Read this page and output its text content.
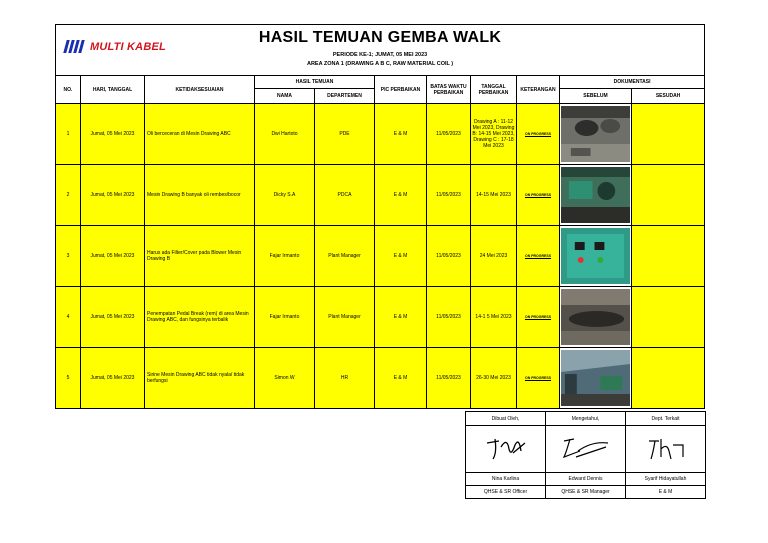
MULTI KABEL
HASIL TEMUAN GEMBA WALK
PERIODE KE-1; JUMAT, 05 MEI 2023
AREA ZONA 1 (DRAWING A B C, RAW MATERIAL COIL )										

NO.	HARI, TANGGAL	KETIDAKSESUAIAN	HASIL TEMUAN		PIC PERBAIKAN	BATAS WAKTU PERBAIKAN	TANGGAL PERBAIKAN	KETERANGAN	DOKUMENTASI	
			NAMA	DEPARTEMEN					SEBELUM	SESUDAH
1	Jumat, 05 Mei 2023	Oli berceceran di Mesin Drawing ABC	Dwi Hartoto	PDE	E & M	11/05/2023	Drawing A : 11-12 Mei 2023, Drawing B: 14-15 Mei 2023, Drawing C : 17-18 Mei 2023	ON PROGRESS	

2	Jumat, 05 Mei 2023	Mesin Drawing B banyak oli rembes/bocor	Dicky S.A	PDCA	E & M	11/05/2023	14-15 Mei 2023	ON PROGRESS	

3	Jumat, 05 Mei 2023	Harus ada Filter/Cover pada Blower Mesin Drawing B	Fajar Irmanto	Plant Manager	E & M	11/05/2023	24 Mei 2023	ON PROGRESS	

4	Jumat, 05 Mei 2023	Penempatan Pedal Break (rem) di area Mesin Drawing ABC, dan fungsinya terbalik	Fajar Irmanto	Plant Manager	E & M	11/05/2023	14-1 5 Mei 2023	ON PROGRESS	

5	Jumat, 05 Mei 2023	Sirine Mesin Drawing ABC tidak nyala/ tidak berfungsi	Simon W	HR	E & M	11/05/2023	26-30 Mei 2023	ON PROGRESS	

Dibuat Oleh,	Mengetahui,	Dept. Terkait

Nina Karlina	Edward Dennis	Syarif Hidayatullah
QHSE & SR Officer	QHSE & SR Manager	E & M
